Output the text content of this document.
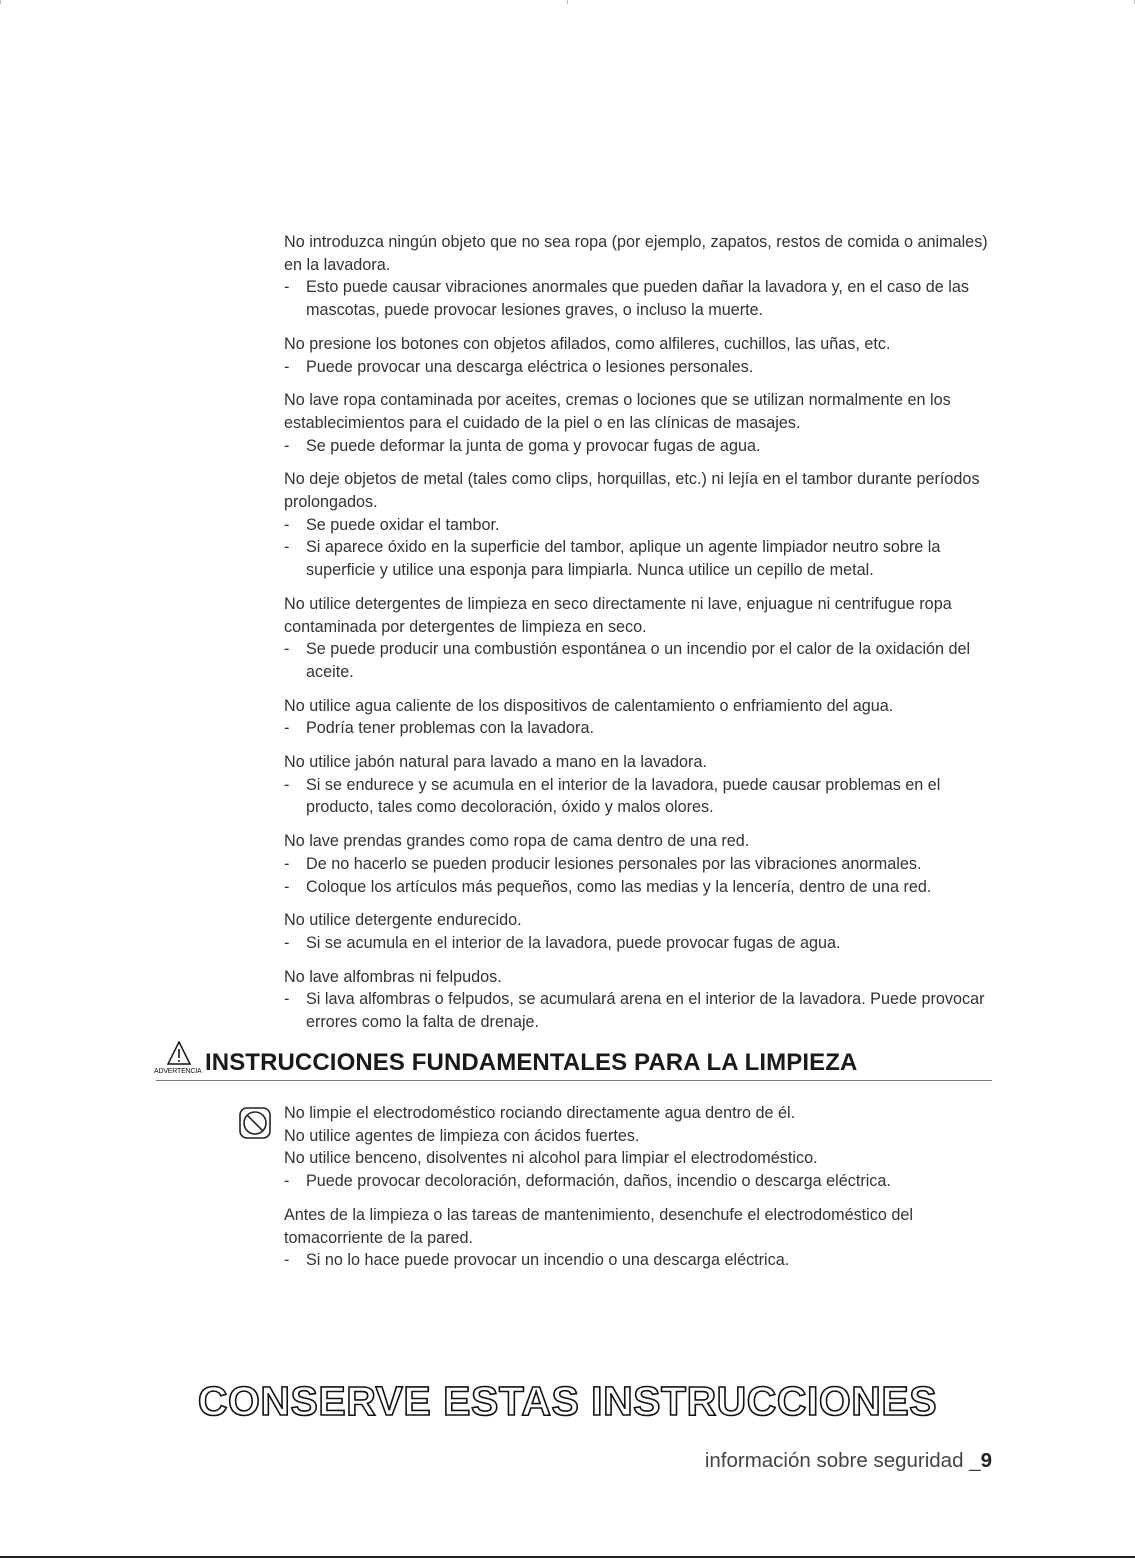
No introduzca ningún objeto que no sea ropa (por ejemplo, zapatos, restos de comida o animales) en la lavadora.

- Esto puede causar vibraciones anormales que pueden dañar la lavadora y, en el caso de las mascotas, puede provocar lesiones graves, o incluso la muerte.

No presione los botones con objetos afilados, como alfileres, cuchillos, las uñas, etc.

- Puede provocar una descarga eléctrica o lesiones personales.

No lave ropa contaminada por aceites, cremas o lociones que se utilizan normalmente en los establecimientos para el cuidado de la piel o en las clínicas de masajes.

- Se puede deformar la junta de goma y provocar fugas de agua.

No deje objetos de metal (tales como clips, horquillas, etc.) ni lejía en el tambor durante períodos prolongados.

- Se puede oxidar el tambor.

- Si aparece óxido en la superficie del tambor, aplique un agente limpiador neutro sobre la superficie y utilice una esponja para limpiarla. Nunca utilice un cepillo de metal.

No utilice detergentes de limpieza en seco directamente ni lave, enjuague ni centrifugue ropa contaminada por detergentes de limpieza en seco.

- Se puede producir una combustión espontánea o un incendio por el calor de la oxidación del aceite.

No utilice agua caliente de los dispositivos de calentamiento o enfriamiento del agua.

- Podría tener problemas con la lavadora.

No utilice jabón natural para lavado a mano en la lavadora.

- Si se endurece y se acumula en el interior de la lavadora, puede causar problemas en el producto, tales como decoloración, óxido y malos olores.

No lave prendas grandes como ropa de cama dentro de una red.

- De no hacerlo se pueden producir lesiones personales por las vibraciones anormales.

- Coloque los artículos más pequeños, como las medias y la lencería, dentro de una red.

No utilice detergente endurecido.

- Si se acumula en el interior de la lavadora, puede provocar fugas de agua.

No lave alfombras ni felpudos.

- Si lava alfombras o felpudos, se acumulará arena en el interior de la lavadora. Puede provocar errores como la falta de drenaje.

ADVERTENCIA INSTRUCCIONES FUNDAMENTALES PARA LA LIMPIEZA

No limpie el electrodoméstico rociando directamente agua dentro de él.

No utilice agentes de limpieza con ácidos fuertes.

No utilice benceno, disolventes ni alcohol para limpiar el electrodoméstico.

- Puede provocar decoloración, deformación, daños, incendio o descarga eléctrica.

Antes de la limpieza o las tareas de mantenimiento, desenchufe el electrodoméstico del tomacorriente de la pared.

- Si no lo hace puede provocar un incendio o una descarga eléctrica.

CONSERVE ESTAS INSTRUCCIONES
información sobre seguridad _9
